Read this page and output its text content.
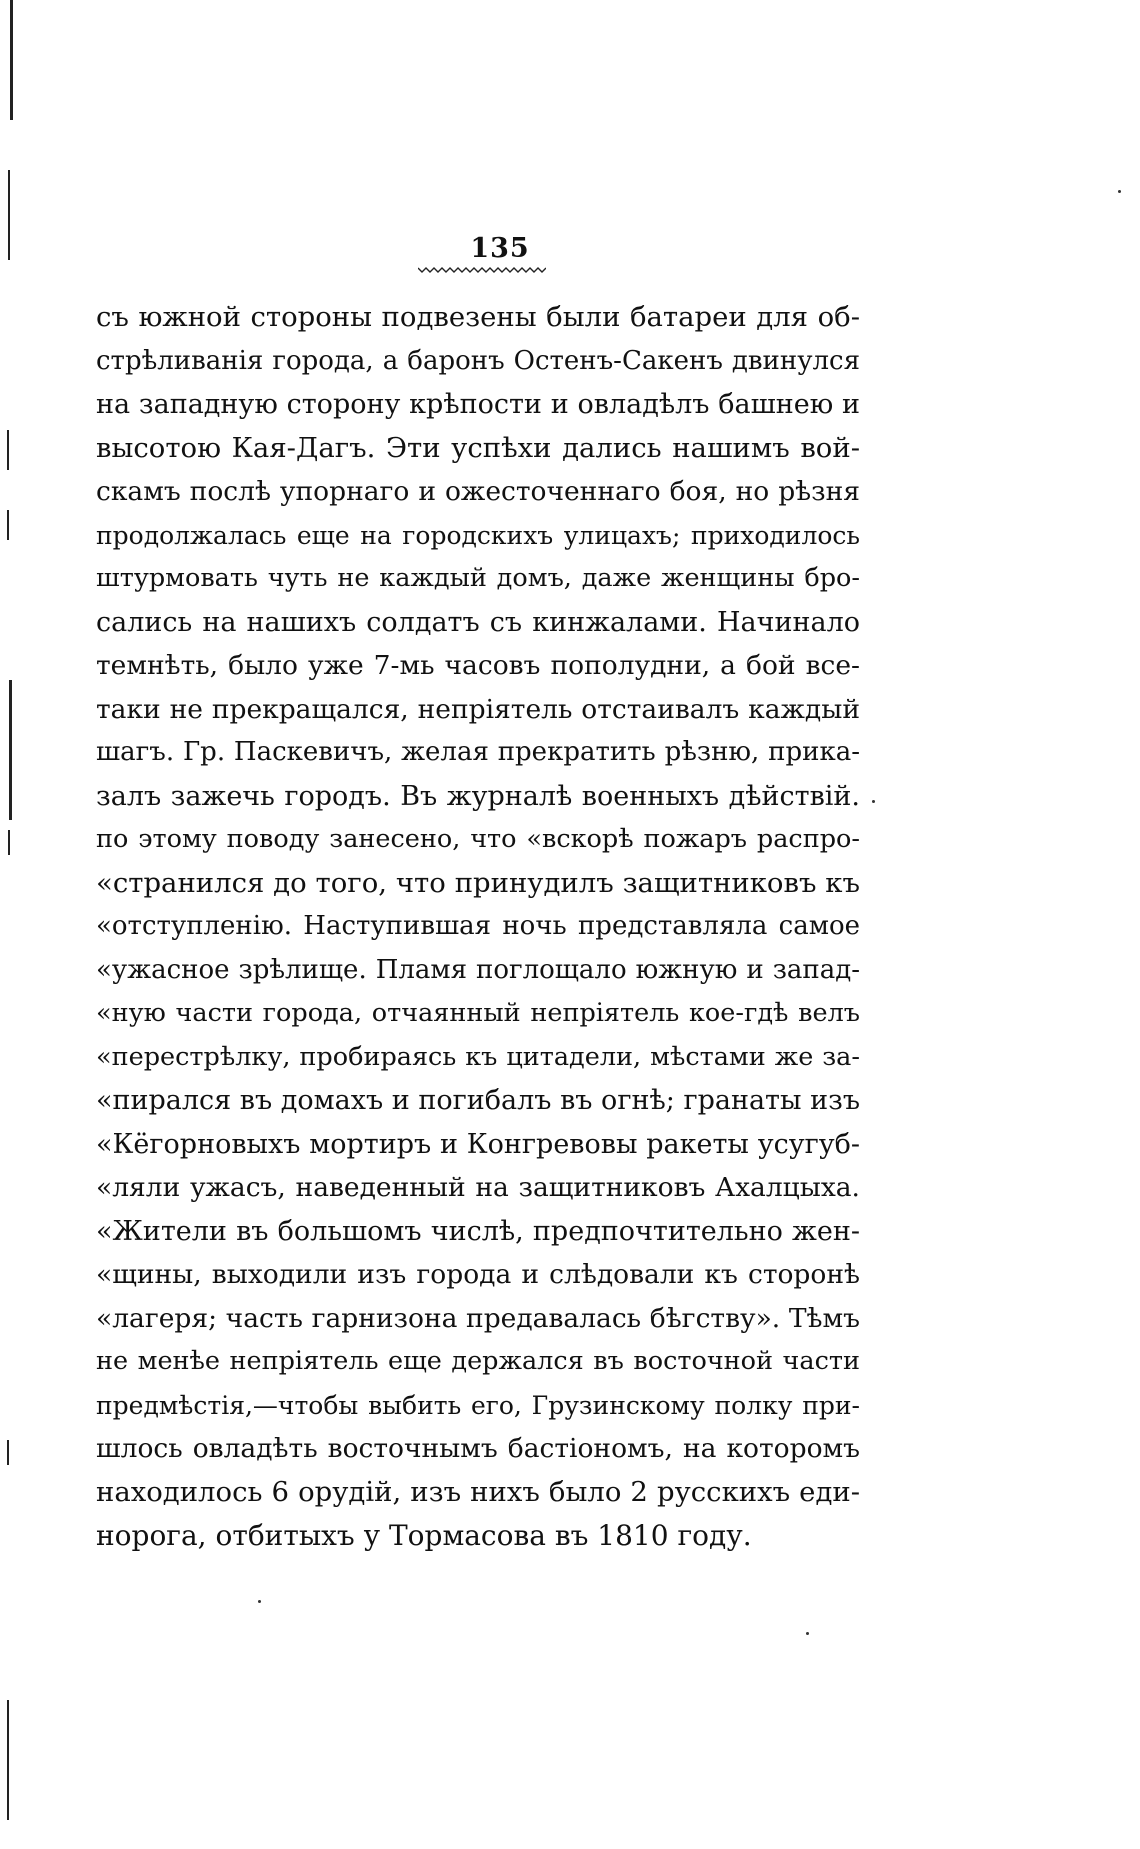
135
съ южной стороны подвезены были батареи для об-
стрѣливанія города, а баронъ Остенъ-Сакенъ двинулся
на западную сторону крѣпости и овладѣлъ башнею и
высотою Кая-Дагъ. Эти успѣхи дались нашимъ вой-
скамъ послѣ упорнаго и ожесточеннаго боя, но рѣзня
продолжалась еще на городскихъ улицахъ; приходилось
штурмовать чуть не каждый домъ, даже женщины бро-
сались на нашихъ солдатъ съ кинжалами. Начинало
темнѣть, было уже 7-мь часовъ пополудни, а бой все-
таки не прекращался, непріятель отстаивалъ каждый
шагъ. Гр. Паскевичъ, желая прекратить рѣзню, прика-
залъ зажечь городъ. Въ журналѣ военныхъ дѣйствій.
по этому поводу занесено, что «вскорѣ пожаръ распро-
«странился до того, что принудилъ защитниковъ къ
«отступленію. Наступившая ночь представляла самое
«ужасное зрѣлище. Пламя поглощало южную и запад-
«ную части города, отчаянный непріятель кое-гдѣ велъ
«перестрѣлку, пробираясь къ цитадели, мѣстами же за-
«пирался въ домахъ и погибалъ въ огнѣ; гранаты изъ
«Кёгорновыхъ мортиръ и Конгревовы ракеты усугуб-
«ляли ужасъ, наведенный на защитниковъ Ахалцыха.
«Жители въ большомъ числѣ, предпочтительно жен-
«щины, выходили изъ города и слѣдовали къ сторонѣ
«лагеря; часть гарнизона предавалась бѣгству». Тѣмъ
не менѣе непріятель еще держался въ восточной части
предмѣстія,—чтобы выбить его, Грузинскому полку при-
шлось овладѣть восточнымъ бастіономъ, на которомъ
находилось 6 орудій, изъ нихъ было 2 русскихъ еди-
норога, отбитыхъ у Тормасова въ 1810 году.
